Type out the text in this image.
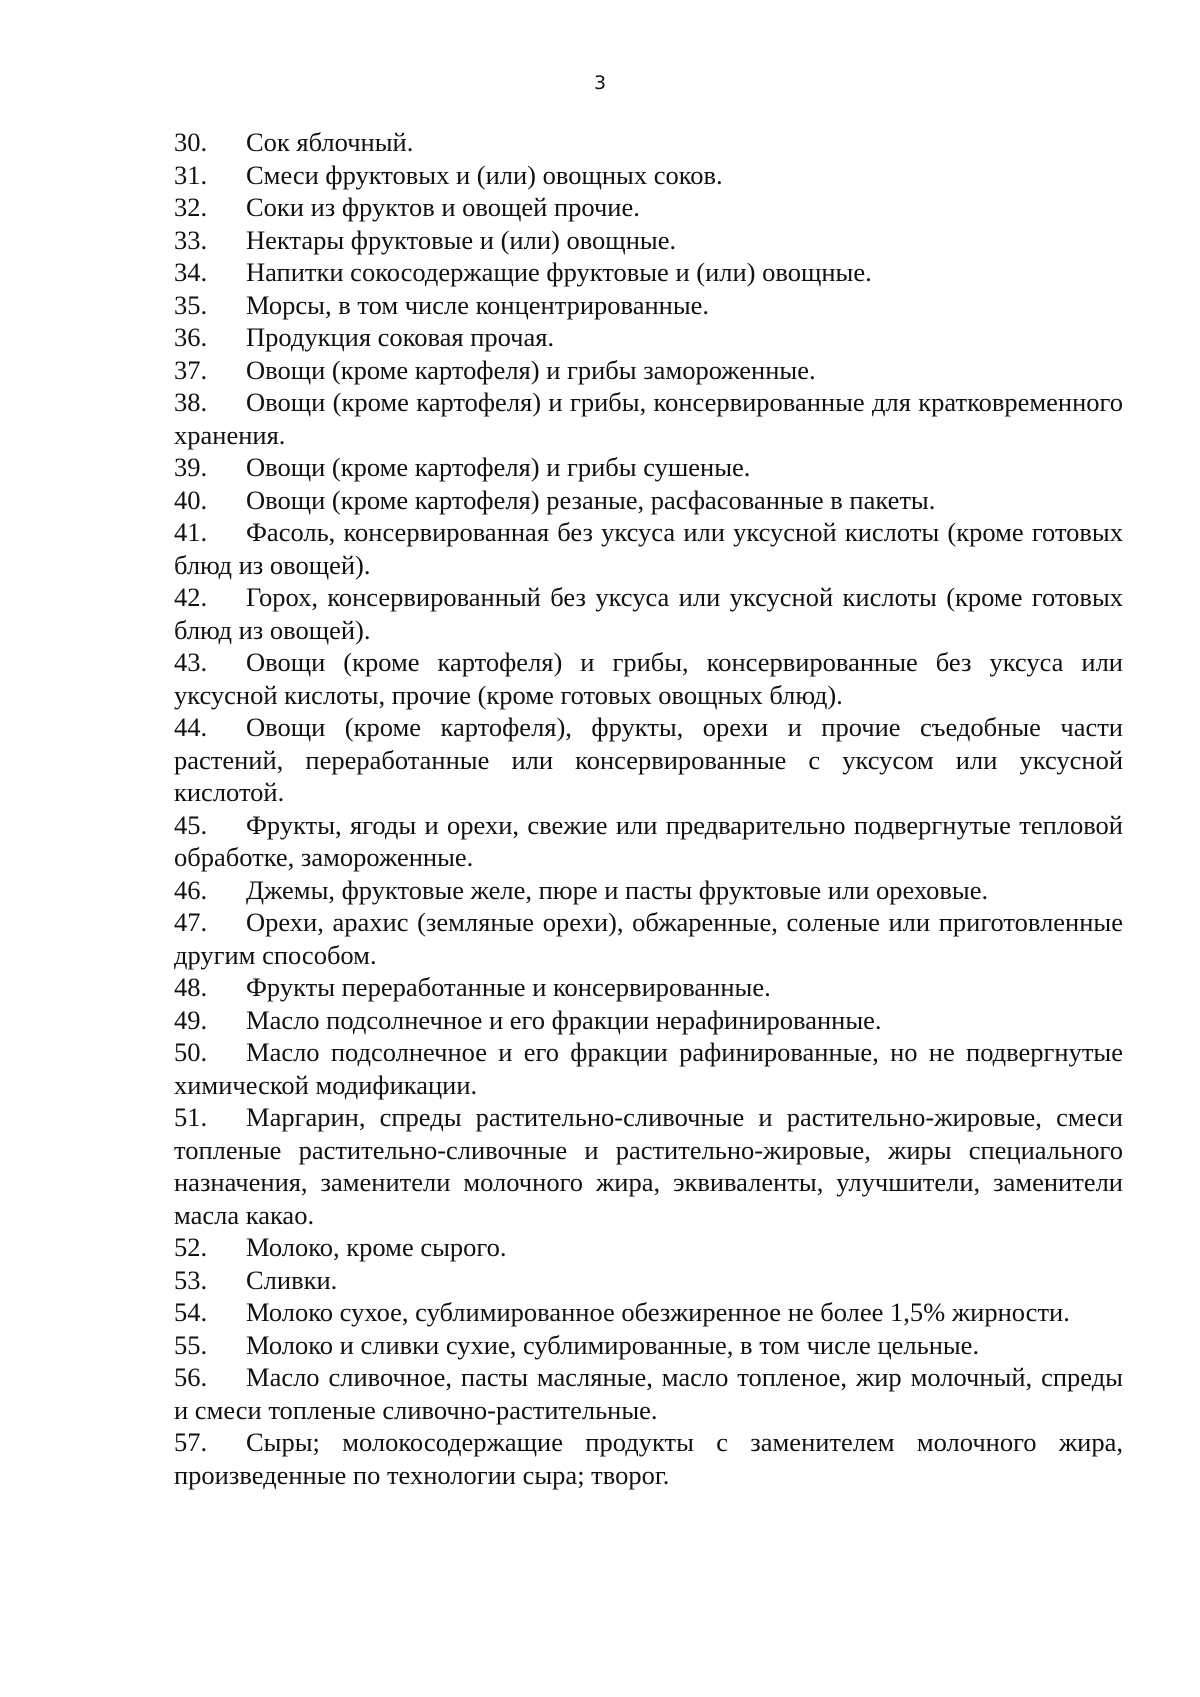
3

30. Сок яблочный.

31. Смеси фруктовых и (или) овощных соков.

32. Соки из фруктов и овощей прочие.

33. Нектары фруктовые и (или) овощные.

34. Напитки сокосодержащие фруктовые и (или) овощные.

35. Морсы, в том числе концентрированные.

36. Продукция соковая прочая.

37. Овощи (кроме картофеля) и грибы замороженные.

38. Овощи (кроме картофеля) и грибы, консервированные для кратковременного хранения.

39. Овощи (кроме картофеля) и грибы сушеные.

40. Овощи (кроме картофеля) резаные, расфасованные в пакеты.

41. Фасоль, консервированная без уксуса или уксусной кислоты (кроме готовых блюд из овощей).

42. Горох, консервированный без уксуса или уксусной кислоты (кроме готовых блюд из овощей).

43. Овощи (кроме картофеля) и грибы, консервированные без уксуса или уксусной кислоты, прочие (кроме готовых овощных блюд).

44. Овощи (кроме картофеля), фрукты, орехи и прочие съедобные части растений, переработанные или консервированные с уксусом или уксусной кислотой.

45. Фрукты, ягоды и орехи, свежие или предварительно подвергнутые тепловой обработке, замороженные.

46. Джемы, фруктовые желе, пюре и пасты фруктовые или ореховые.

47. Орехи, арахис (земляные орехи), обжаренные, соленые или приготовленные другим способом.

48. Фрукты переработанные и консервированные.

49. Масло подсолнечное и его фракции нерафинированные.

50. Масло подсолнечное и его фракции рафинированные, но не подвергнутые химической модификации.

51. Маргарин, спреды растительно-сливочные и растительно-жировые, смеси топленые растительно-сливочные и растительно-жировые, жиры специального назначения, заменители молочного жира, эквиваленты, улучшители, заменители масла какао.

52. Молоко, кроме сырого.

53. Сливки.

54. Молоко сухое, сублимированное обезжиренное не более 1,5% жирности.

55. Молоко и сливки сухие, сублимированные, в том числе цельные.

56. Масло сливочное, пасты масляные, масло топленое, жир молочный, спреды и смеси топленые сливочно-растительные.

57. Сыры; молокосодержащие продукты с заменителем молочного жира, произведенные по технологии сыра; творог.
